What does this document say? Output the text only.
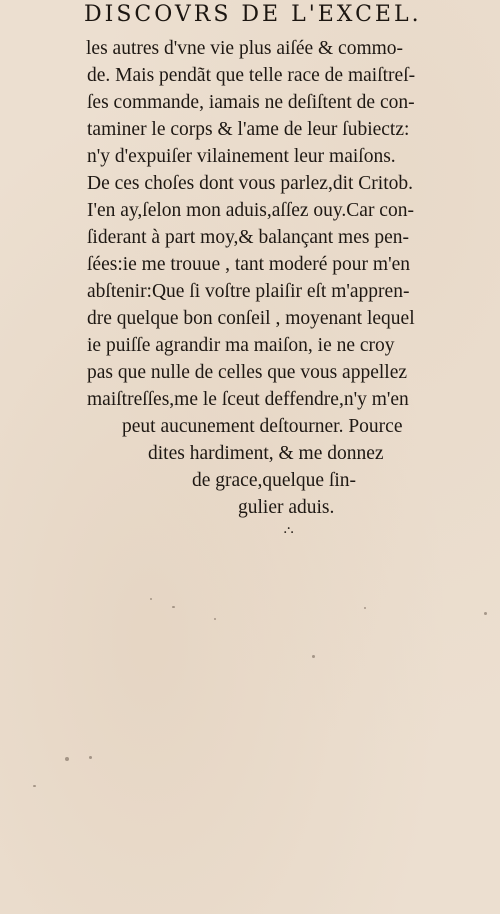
DISCOVRS DE L'EXCEL.
les autres d'vne vie plus aiſée & commo-
de. Mais pendãt que telle race de maiſtreſ-
ſes commande, iamais ne deſiſtent de con-
taminer le corps & l'ame de leur ſubiectz:
n'y d'expuiſer vilainement leur maiſons.
De ces choſes dont vous parlez,dit Critob.
I'en ay,ſelon mon aduis,aſſez ouy.Car con-
ſiderant à part moy,& balançant mes pen-
ſées:ie me trouue , tant moderé pour m'en
abſtenir:Que ſi voſtre plaiſir eſt m'appren-
dre quelque bon conſeil , moyenant lequel
ie puiſſe agrandir ma maiſon, ie ne croy
pas que nulle de celles que vous appellez
maiſtreſſes,me le ſceut deffendre,n'y m'en
peut aucunement deſtourner. Pource
dites hardiment, & me donnez
de grace,quelque ſin-
gulier aduis.
.·.
